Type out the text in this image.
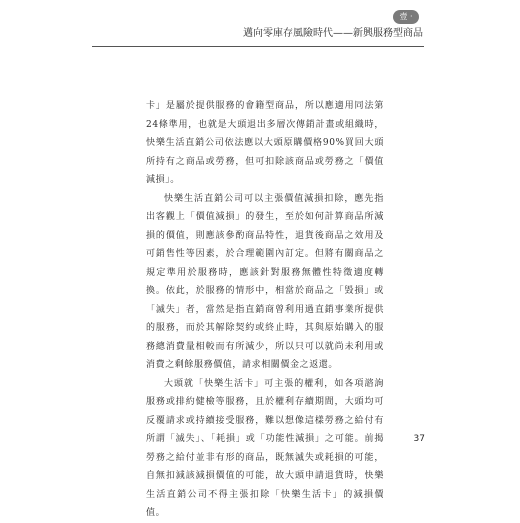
壹 ·
邁向零庫存風險時代——新興服務型商品

卡」是屬於提供服務的會籍型商品，所以應適用同法第24條準用，也就是大頭退出多層次傳銷計畫或組織時，快樂生活直銷公司依法應以大頭原購價格90%買回大頭所持有之商品或勞務，但可扣除該商品或勞務之「價值減損」。

快樂生活直銷公司可以主張價值減損扣除，應先指出客觀上「價值減損」的發生，至於如何計算商品所減損的價值，則應該參酌商品特性，退貨後商品之效用及可銷售性等因素，於合理範圍內訂定。但將有關商品之規定準用於服務時，應該針對服務無體性特徵適度轉換。依此，於服務的情形中，相當於商品之「毀損」或「滅失」者，當然是指直銷商曾利用過直銷事業所提供的服務，而於其解除契約或終止時，其與原始購入的服務總消費量相較而有所減少，所以只可以就尚未利用或消費之剩餘服務價值，請求相關價金之返還。

大頭就「快樂生活卡」可主張的權利，如各項諮詢服務或排約健檢等服務，且於權利存續期間，大頭均可反覆請求或持續接受服務，難以想像這樣勞務之給付有所謂「滅失」、「耗損」或「功能性減損」之可能。前揭勞務之給付並非有形的商品，既無滅失或耗損的可能，自無扣減該減損價值的可能，故大頭申請退貨時，快樂生活直銷公司不得主張扣除「快樂生活卡」的減損價值。

37
